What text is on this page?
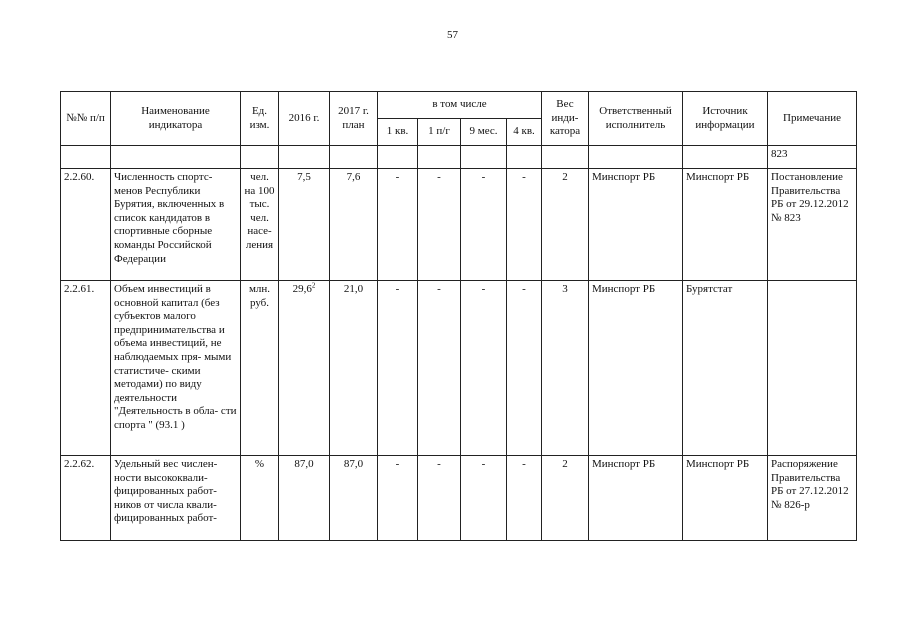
57
№№ п/п	Наименование индикатора	Ед. изм.	2016 г.	2017 г. план	в том числе				Вес инди- катора	Ответственный исполнитель	Источник информации	Примечание
					1 кв.	1 п/г	9 мес.	4 кв.				
												823
2.2.60.	Численность спортс- менов Республики Бурятия, включенных в список кандидатов в спортивные сборные команды Российской Федерации	чел. на 100 тыс. чел. насе- ления	7,5	7,6	-	-	-	-	2	Минспорт РБ	Минспорт РБ	Постановление Правительства РБ от 29.12.2012 № 823
2.2.61.	Объем инвестиций в основной капитал (без субъектов малого предпринимательства и объема инвестиций, не наблюдаемых пря- мыми статистиче- скими методами) по виду деятельности "Деятельность в обла- сти спорта " (93.1 )	млн. руб.	29,6$^2$	21,0	-	-	-	-	3	Минспорт РБ	Бурятстат	
2.2.62.	Удельный вес числен- ности высококвали- фицированных работ- ников от числа квали- фицированных работ-	%	87,0	87,0	-	-	-	-	2	Минспорт РБ	Минспорт РБ	Распоряжение Правительства РБ от 27.12.2012 № 826-р
